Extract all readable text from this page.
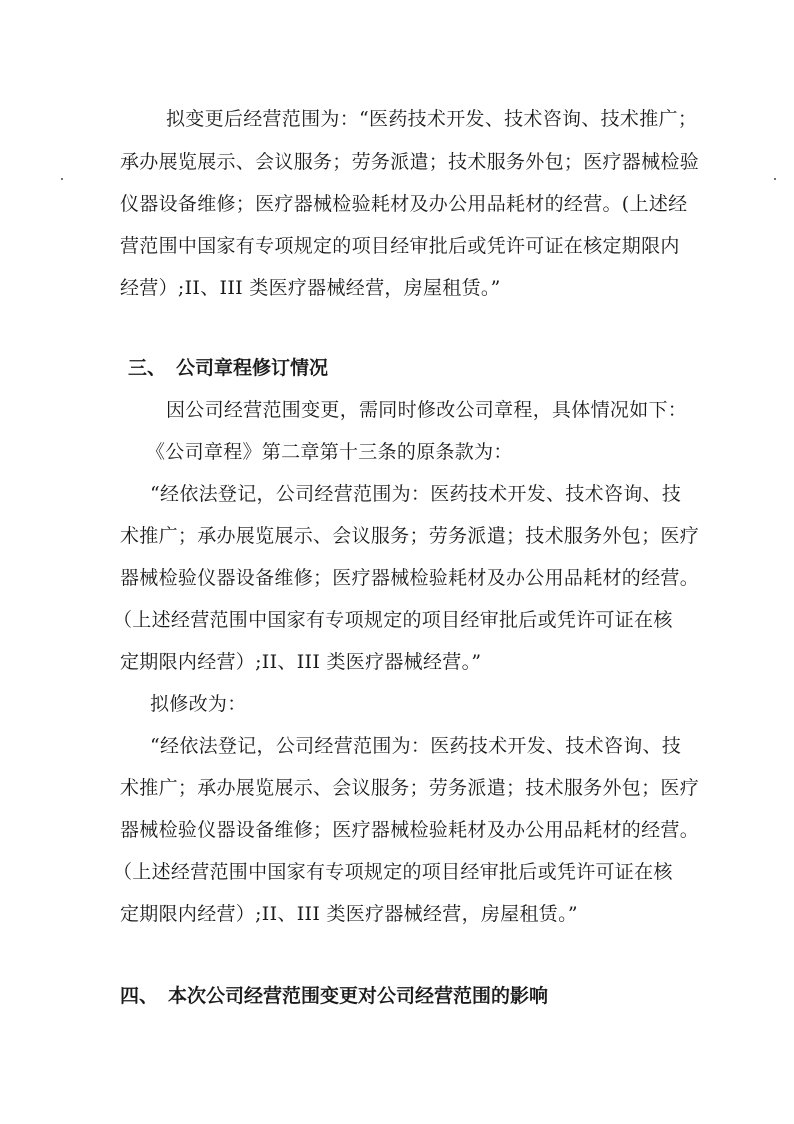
拟变更后经营范围为：“医药技术开发、技术咨询、技术推广；
承办展览展示、会议服务；劳务派遣；技术服务外包；医疗器械检验
仪器设备维修；医疗器械检验耗材及办公用品耗材的经营。(上述经
营范围中国家有专项规定的项目经审批后或凭许可证在核定期限内
经营）;II、III 类医疗器械经营，房屋租赁。”
三、 公司章程修订情况
因公司经营范围变更，需同时修改公司章程，具体情况如下：
《公司章程》第二章第十三条的原条款为：
“经依法登记，公司经营范围为：医药技术开发、技术咨询、技
术推广；承办展览展示、会议服务；劳务派遣；技术服务外包；医疗
器械检验仪器设备维修；医疗器械检验耗材及办公用品耗材的经营。
（上述经营范围中国家有专项规定的项目经审批后或凭许可证在核
定期限内经营）;II、III 类医疗器械经营。”
拟修改为：
“经依法登记，公司经营范围为：医药技术开发、技术咨询、技
术推广；承办展览展示、会议服务；劳务派遣；技术服务外包；医疗
器械检验仪器设备维修；医疗器械检验耗材及办公用品耗材的经营。
（上述经营范围中国家有专项规定的项目经审批后或凭许可证在核
定期限内经营）;II、III 类医疗器械经营，房屋租赁。”
四、 本次公司经营范围变更对公司经营范围的影响
